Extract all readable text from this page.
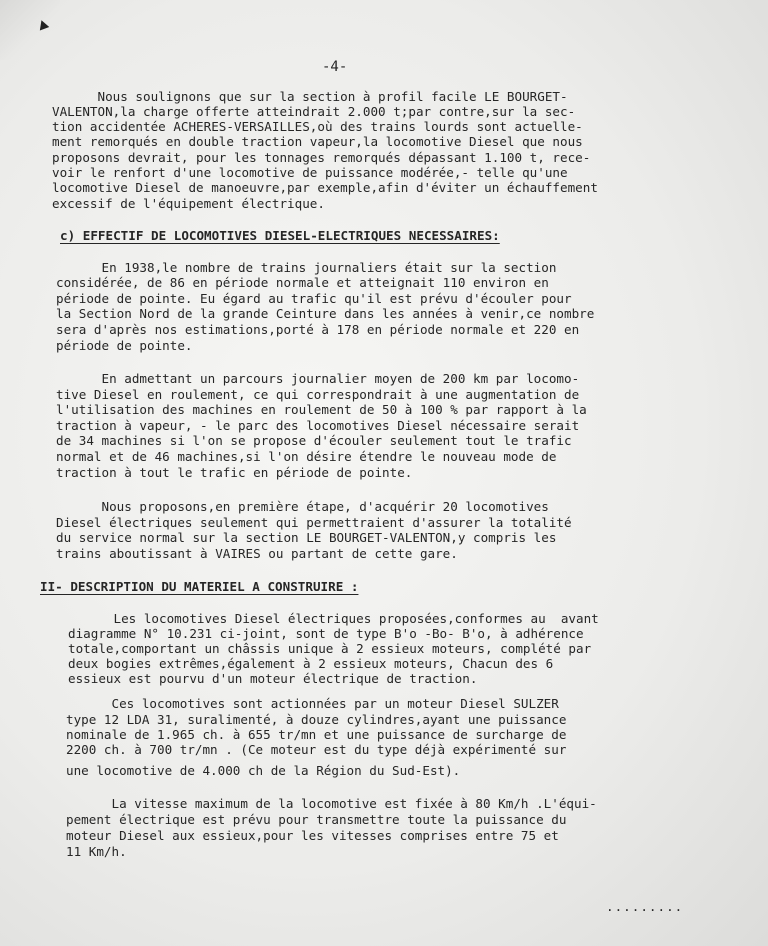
-4-

Nous soulignons que sur la section à profil facile LE BOURGET-

VALENTON,la charge offerte atteindrait 2.000 t;par contre,sur la sec-

tion accidentée ACHERES-VERSAILLES,où des trains lourds sont actuelle-

ment remorqués en double traction vapeur,la locomotive Diesel que nous

proposons devrait, pour les tonnages remorqués dépassant 1.100 t, rece-

voir le renfort d'une locomotive de puissance modérée,- telle qu'une

locomotive Diesel de manoeuvre,par exemple,afin d'éviter un échauffement

excessif de l'équipement électrique.

c) EFFECTIF DE LOCOMOTIVES DIESEL-ELECTRIQUES NECESSAIRES:

En 1938,le nombre de trains journaliers était sur la section

considérée, de 86 en période normale et atteignait 110 environ en

période de pointe. Eu égard au trafic qu'il est prévu d'écouler pour

la Section Nord de la grande Ceinture dans les années à venir,ce nombre

sera d'après nos estimations,porté à 178 en période normale et 220 en

période de pointe.

En admettant un parcours journalier moyen de 200 km par locomo-

tive Diesel en roulement, ce qui correspondrait à une augmentation de

l'utilisation des machines en roulement de 50 à 100 % par rapport à la

traction à vapeur, - le parc des locomotives Diesel nécessaire serait

de 34 machines si l'on se propose d'écouler seulement tout le trafic

normal et de 46 machines,si l'on désire étendre le nouveau mode de

traction à tout le trafic en période de pointe.

Nous proposons,en première étape, d'acquérir 20 locomotives

Diesel électriques seulement qui permettraient d'assurer la totalité

du service normal sur la section LE BOURGET-VALENTON,y compris les

trains aboutissant à VAIRES ou partant de cette gare.

II- DESCRIPTION DU MATERIEL A CONSTRUIRE :

Les locomotives Diesel électriques proposées,conformes au  avant

diagramme N° 10.231 ci-joint, sont de type B'o -Bo- B'o, à adhérence

totale,comportant un châssis unique à 2 essieux moteurs, complété par

deux bogies extrêmes,également à 2 essieux moteurs, Chacun des 6

essieux est pourvu d'un moteur électrique de traction.

Ces locomotives sont actionnées par un moteur Diesel SULZER

type 12 LDA 31, suralimenté, à douze cylindres,ayant une puissance

nominale de 1.965 ch. à 655 tr/mn et une puissance de surcharge de

2200 ch. à 700 tr/mn . (Ce moteur est du type déjà expérimenté sur

une locomotive de 4.000 ch de la Région du Sud-Est).

La vitesse maximum de la locomotive est fixée à 80 Km/h .L'équi-

pement électrique est prévu pour transmettre toute la puissance du

moteur Diesel aux essieux,pour les vitesses comprises entre 75 et

11 Km/h.

.........
